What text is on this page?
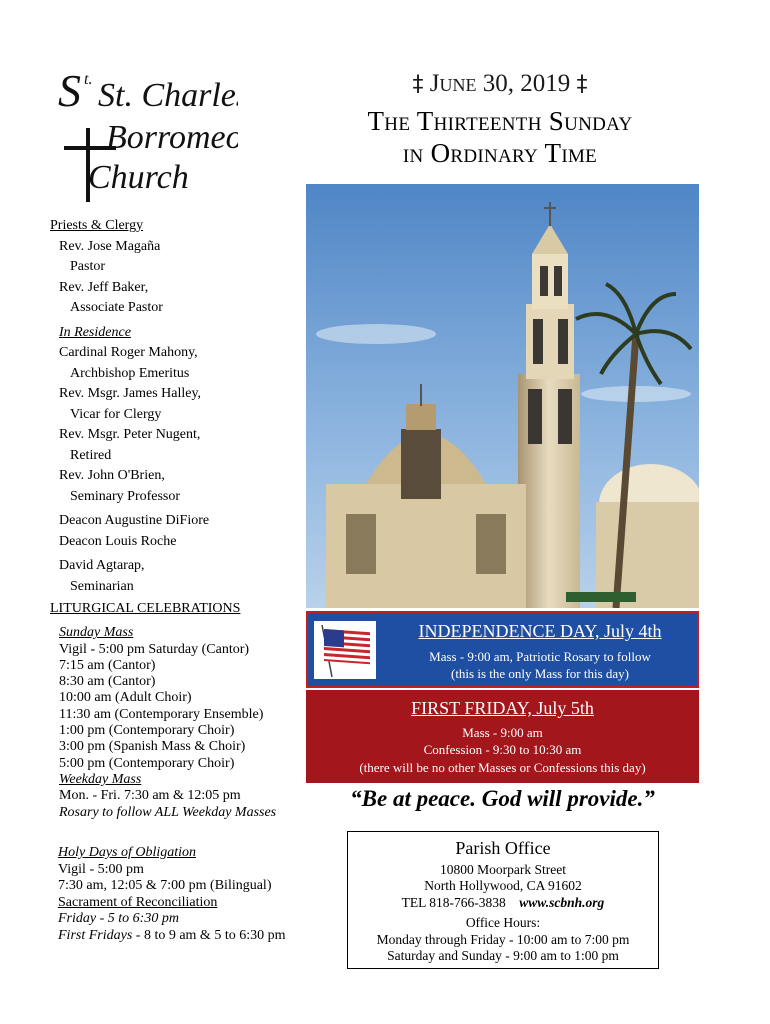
S t. St. Charles
Borromeo
Church
‡ June 30, 2019 ‡
The Thirteenth Sunday
in Ordinary Time
Priests & Clergy
Rev. Jose Magaña
Pastor
Rev. Jeff Baker,
Associate Pastor
In Residence
Cardinal Roger Mahony,
Archbishop Emeritus
Rev. Msgr. James Halley,
Vicar for Clergy
Rev. Msgr. Peter Nugent,
Retired
Rev. John O'Brien,
Seminary Professor
Deacon Augustine DiFiore
Deacon Louis Roche
David Agtarap,
Seminarian
LITURGICAL CELEBRATIONS
Sunday Mass
Vigil - 5:00 pm Saturday (Cantor)
7:15 am (Cantor)
8:30 am (Cantor)
10:00 am (Adult Choir)
11:30 am (Contemporary Ensemble)
1:00 pm (Contemporary Choir)
3:00 pm (Spanish Mass & Choir)
5:00 pm (Contemporary Choir)
Weekday Mass
Mon. - Fri. 7:30 am & 12:05 pm
Rosary to follow ALL Weekday Masses
Holy Days of Obligation
Vigil - 5:00 pm
7:30 am, 12:05 & 7:00 pm (Bilingual)
Sacrament of Reconciliation
Friday - 5 to 6:30 pm
First Fridays - 8 to 9 am & 5 to 6:30 pm
INDEPENDENCE DAY, July 4th
Mass - 9:00 am, Patriotic Rosary to follow
(this is the only Mass for this day)
FIRST FRIDAY, July 5th
Mass - 9:00 am
Confession - 9:30 to 10:30 am
(there will be no other Masses or Confessions this day)
“Be at peace. God will provide.”
Parish Office
10800 Moorpark Street
North Hollywood, CA 91602
TEL 818-766-3838 www.scbnh.org
Office Hours:
Monday through Friday - 10:00 am to 7:00 pm
Saturday and Sunday - 9:00 am to 1:00 pm
